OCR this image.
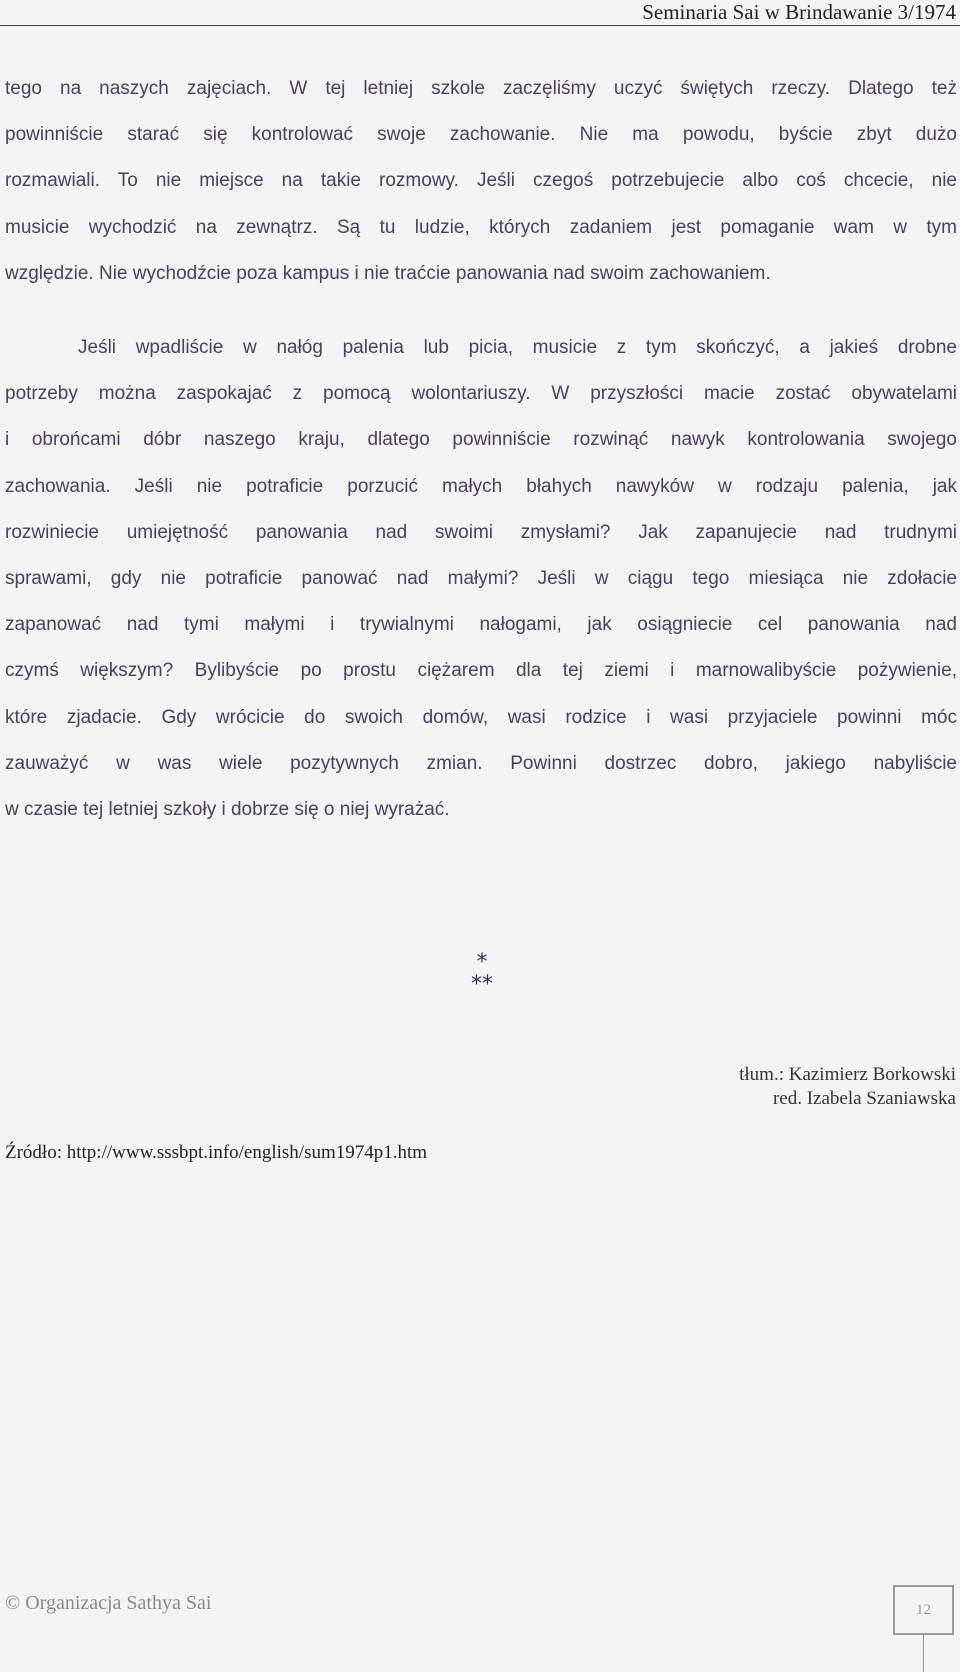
Seminaria Sai w Brindawanie 3/1974
tego na naszych zajęciach. W tej letniej szkole zaczęliśmy uczyć świętych rzeczy. Dlatego też
powinniście starać się kontrolować swoje zachowanie. Nie ma powodu, byście zbyt dużo
rozmawiali. To nie miejsce na takie rozmowy. Jeśli czegoś potrzebujecie albo coś chcecie, nie
musicie wychodzić na zewnątrz. Są tu ludzie, których zadaniem jest pomaganie wam w tym
względzie. Nie wychodźcie poza kampus i nie traćcie panowania nad swoim zachowaniem.
Jeśli wpadliście w nałóg palenia lub picia, musicie z tym skończyć, a jakieś drobne
potrzeby można zaspokajać z pomocą wolontariuszy. W przyszłości macie zostać obywatelami
i obrońcami dóbr naszego kraju, dlatego powinniście rozwinąć nawyk kontrolowania swojego
zachowania. Jeśli nie potraficie porzucić małych błahych nawyków w rodzaju palenia, jak
rozwiniecie umiejętność panowania nad swoimi zmysłami? Jak zapanujecie nad trudnymi
sprawami, gdy nie potraficie panować nad małymi? Jeśli w ciągu tego miesiąca nie zdołacie
zapanować nad tymi małymi i trywialnymi nałogami, jak osiągniecie cel panowania nad
czymś większym? Bylibyście po prostu ciężarem dla tej ziemi i marnowalibyście pożywienie,
które zjadacie. Gdy wrócicie do swoich domów, wasi rodzice i wasi przyjaciele powinni móc
zauważyć w was wiele pozytywnych zmian. Powinni dostrzec dobro, jakiego nabyliście
w czasie tej letniej szkoły i dobrze się o niej wyrażać.
*
**
tłum.: Kazimierz Borkowski
red. Izabela Szaniawska
Źródło: http://www.sssbpt.info/english/sum1974p1.htm
© Organizacja Sathya Sai	12
